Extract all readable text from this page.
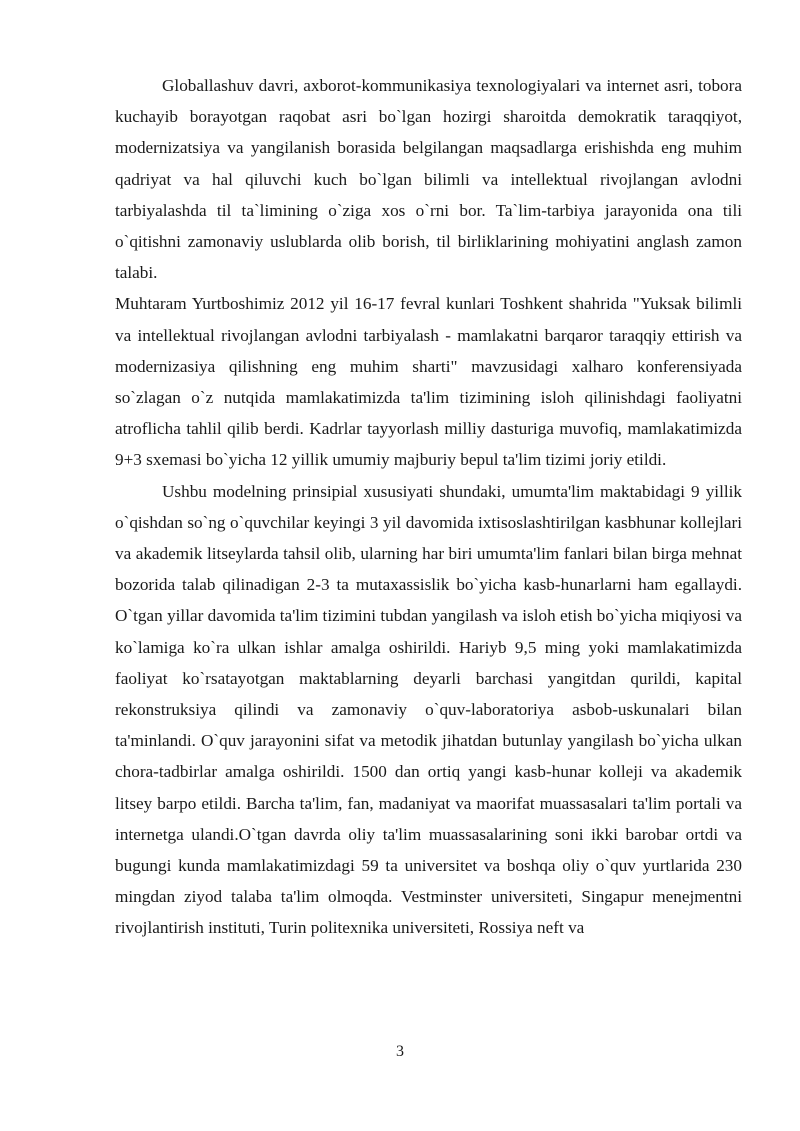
Globallashuv davri, axborot-kommunikasiya texnologiyalari va internet asri, tobora kuchayib borayotgan raqobat asri bo`lgan hozirgi sharoitda demokratik taraqqiyot, modernizatsiya va yangilanish borasida belgilangan maqsadlarga erishishda eng muhim qadriyat va hal qiluvchi kuch bo`lgan bilimli va intellektual rivojlangan avlodni tarbiyalashda til ta`limining o`ziga xos o`rni bor. Ta`lim-tarbiya jarayonida ona tili o`qitishni zamonaviy uslublarda olib borish, til birliklarining mohiyatini anglash zamon talabi.

Muhtaram Yurtboshimiz 2012 yil 16-17 fevral kunlari Toshkent shahrida "Yuksak bilimli va intellektual rivojlangan avlodni tarbiyalash - mamlakatni barqaror taraqqiy ettirish va modernizasiya qilishning eng muhim sharti" mavzusidagi xalharo konferensiyada so`zlagan o`z nutqida mamlakatimizda ta'lim tizimining isloh qilinishdagi faoliyatni atroflicha tahlil qilib berdi. Kadrlar tayyorlash milliy dasturiga muvofiq, mamlakatimizda 9+3 sxemasi bo`yicha 12 yillik umumiy majburiy bepul ta'lim tizimi joriy etildi.

Ushbu modelning prinsipial xususiyati shundaki, umumta'lim maktabidagi 9 yillik o`qishdan so`ng o`quvchilar keyingi 3 yil davomida ixtisoslashtirilgan kasbhunar kollejlari va akademik litseylarda tahsil olib, ularning har biri umumta'lim fanlari bilan birga mehnat bozorida talab qilinadigan 2-3 ta mutaxassislik bo`yicha kasb-hunarlarni ham egallaydi. O`tgan yillar davomida ta'lim tizimini tubdan yangilash va isloh etish bo`yicha miqiyosi va ko`lamiga ko`ra ulkan ishlar amalga oshirildi. Hariyb 9,5 ming yoki mamlakatimizda faoliyat ko`rsatayotgan maktablarning deyarli barchasi yangitdan qurildi, kapital rekonstruksiya qilindi va zamonaviy o`quv-laboratoriya asbob-uskunalari bilan ta'minlandi. O`quv jarayonini sifat va metodik jihatdan butunlay yangilash bo`yicha ulkan chora-tadbirlar amalga oshirildi. 1500 dan ortiq yangi kasb-hunar kolleji va akademik litsey barpo etildi. Barcha ta'lim, fan, madaniyat va maorifat muassasalari ta'lim portali va internetga ulandi.O`tgan davrda oliy ta'lim muassasalarining soni ikki barobar ortdi va bugungi kunda mamlakatimizdagi 59 ta universitet va boshqa oliy o`quv yurtlarida 230 mingdan ziyod talaba ta'lim olmoqda. Vestminster universiteti, Singapur menejmentni rivojlantirish instituti, Turin politexnika universiteti, Rossiya neft va

3
